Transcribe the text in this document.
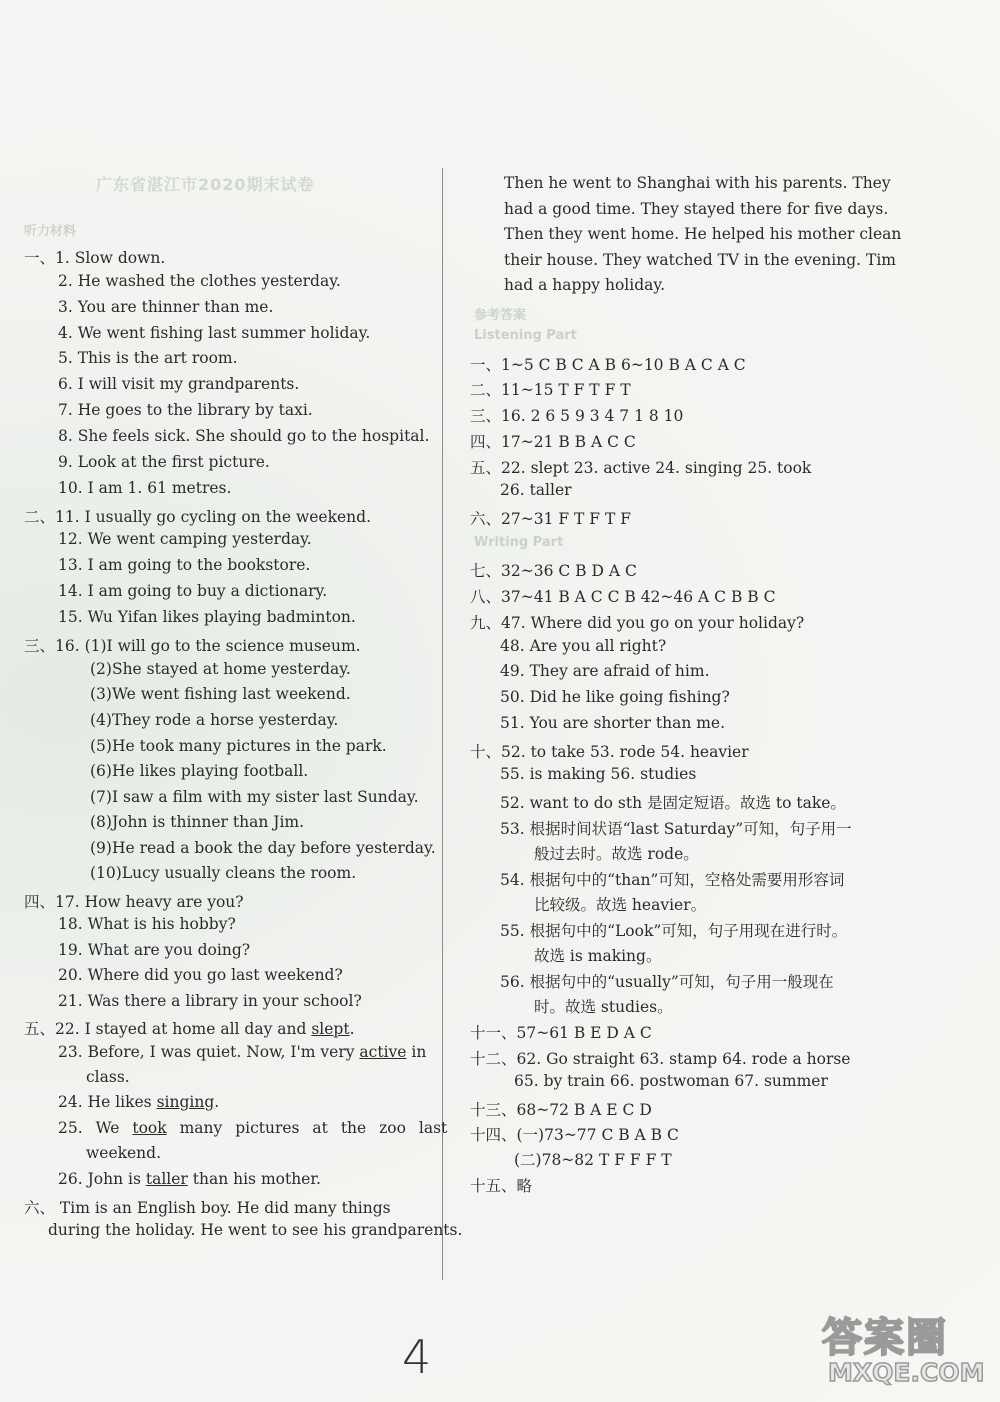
广东省湛江市2020期末试卷
听力材料
一、1. Slow down.
2. He washed the clothes yesterday.
3. You are thinner than me.
4. We went fishing last summer holiday.
5. This is the art room.
6. I will visit my grandparents.
7. He goes to the library by taxi.
8. She feels sick. She should go to the hospital.
9. Look at the first picture.
10. I am 1. 61 metres.
二、11. I usually go cycling on the weekend.
12. We went camping yesterday.
13. I am going to the bookstore.
14. I am going to buy a dictionary.
15. Wu Yifan likes playing badminton.
三、16. (1)I will go to the science museum.
(2)She stayed at home yesterday.
(3)We went fishing last weekend.
(4)They rode a horse yesterday.
(5)He took many pictures in the park.
(6)He likes playing football.
(7)I saw a film with my sister last Sunday.
(8)John is thinner than Jim.
(9)He read a book the day before yesterday.
(10)Lucy usually cleans the room.
四、17. How heavy are you?
18. What is his hobby?
19. What are you doing?
20. Where did you go last weekend?
21. Was there a library in your school?
五、22. I stayed at home all day and slept.
23. Before, I was quiet. Now, I'm very active in
class.
24. He likes singing.
25. We took many pictures at the zoo last
weekend.
26. John is taller than his mother.
六、 Tim is an English boy. He did many things
during the holiday. He went to see his grandparents.
Then he went to Shanghai with his parents. They
had a good time. They stayed there for five days.
Then they went home. He helped his mother clean
their house. They watched TV in the evening. Tim
had a happy holiday.
参考答案
Listening Part
一、1~5 C B C A B 6~10 B A C A C
二、11~15 T F T F T
三、16. 2 6 5 9 3 4 7 1 8 10
四、17~21 B B A C C
五、22. slept 23. active 24. singing 25. took
26. taller
六、27~31 F T F T F
Writing Part
七、32~36 C B D A C
八、37~41 B A C C B 42~46 A C B B C
九、47. Where did you go on your holiday?
48. Are you all right?
49. They are afraid of him.
50. Did he like going fishing?
51. You are shorter than me.
十、52. to take 53. rode 54. heavier
55. is making 56. studies
52. want to do sth 是固定短语。故选 to take。
53. 根据时间状语“last Saturday”可知，句子用一
般过去时。故选 rode。
54. 根据句中的“than”可知，空格处需要用形容词
比较级。故选 heavier。
55. 根据句中的“Look”可知，句子用现在进行时。
故选 is making。
56. 根据句中的“usually”可知，句子用一般现在
时。故选 studies。
十一、57~61 B E D A C
十二、62. Go straight 63. stamp 64. rode a horse
65. by train 66. postwoman 67. summer
十三、68~72 B A E C D
十四、(一)73~77 C B A B C
(二)78~82 T F F F T
十五、略
4	答案圈
MXQE.COM
